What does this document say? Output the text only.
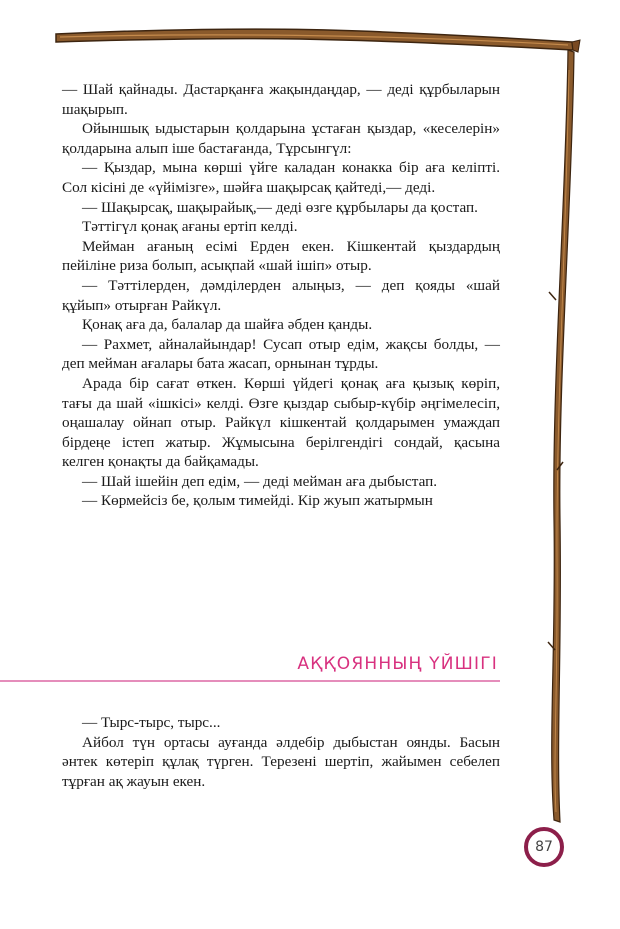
— Шай қайнады. Дастарқанға жақындаңдар, — деді құрбыларын шақырып.

Ойыншық ыдыстарын қолдарына ұстаған қыздар, «кеселерін» қолдарына алып іше бастағанда, Тұрсынгүл:

— Қыздар, мына көрші үйге каладан конакка бір аға келіпті. Сол кісіні де «үйімізге», шәйға шақырсақ қайтеді,— деді.

— Шақырсақ, шақырайық,— деді өзге құрбылары да қостап.

Тәттігүл қонақ ағаны ертіп келді.

Мейман ағаның есімі Ерден екен. Кішкентай қыздардың пейіліне риза болып, асықпай «шай ішіп» отыр.

— Тәттілерден, дәмділерден алыңыз, — деп қояды «шай құйып» отырған Райкүл.

Қонақ аға да, балалар да шайға әбден қанды.

— Рахмет, айналайындар! Сусап отыр едім, жақсы болды, — деп мейман ағалары бата жасап, орнынан тұрды.

Арада бір сағат өткен. Көрші үйдегі қонақ аға қызық көріп, тағы да шай «ішкісі» келді. Өзге қыздар сыбыр-күбір әңгімелесіп, оңашалау ойнап отыр. Райкүл кішкентай қолдарымен умаждап бірдеңе істеп жатыр. Жұмысына берілгендігі сондай, қасына келген қонақты да байқамады.

— Шай ішейін деп едім, — деді мейман аға дыбыстап.

— Көрмейсіз бе, қолым тимейді. Кір жуып жатырмын

АҚҚОЯННЫҢ ҮЙШІГІ

— Тырс-тырс, тырс...

Айбол түн ортасы ауғанда әлдебір дыбыстан оянды. Басын әнтек көтеріп құлақ түрген. Терезені шертіп, жайымен себелеп тұрған ақ жауын екен.

87
